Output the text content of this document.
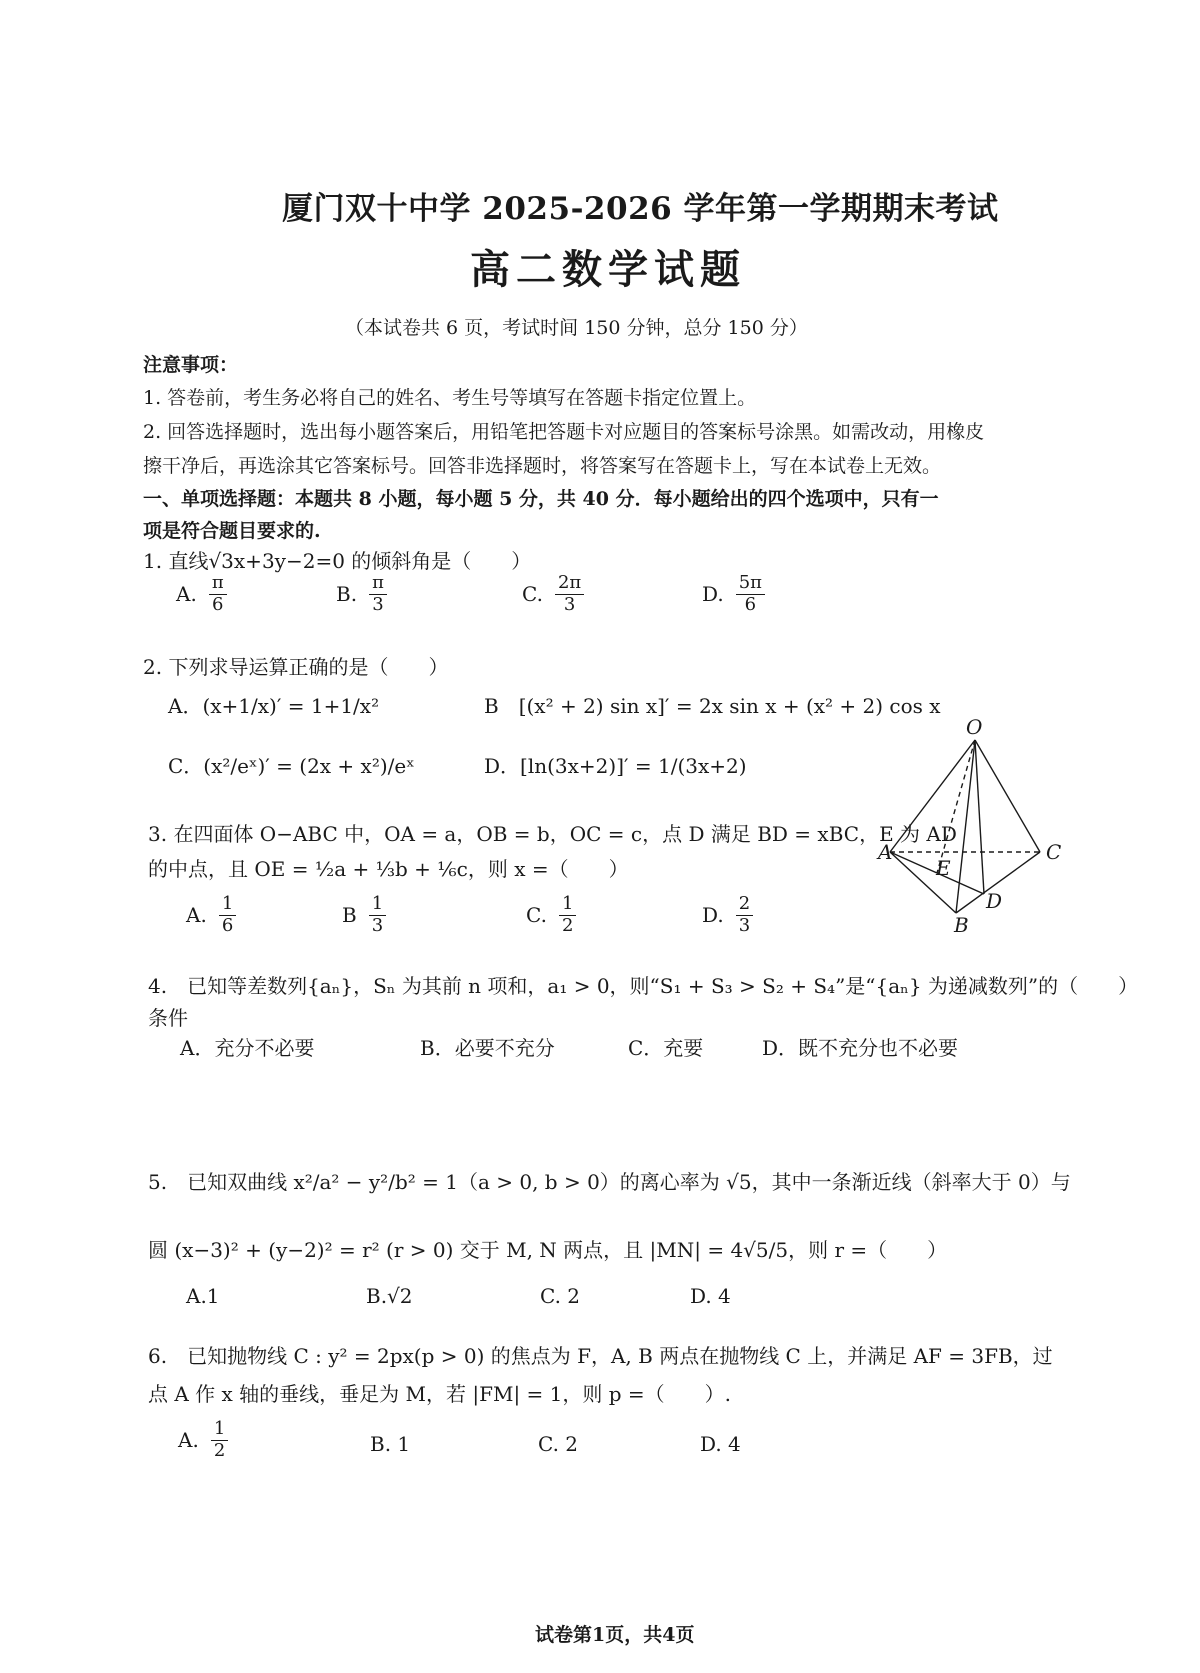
厦门双十中学 2025-2026 学年第一学期期末考试
高二数学试题
（本试卷共 6 页，考试时间 150 分钟，总分 150 分）
注意事项：
1. 答卷前，考生务必将自己的姓名、考生号等填写在答题卡指定位置上。
2. 回答选择题时，选出每小题答案后，用铅笔把答题卡对应题目的答案标号涂黑。如需改动，用橡皮
擦干净后，再选涂其它答案标号。回答非选择题时，将答案写在答题卡上，写在本试卷上无效。
一、单项选择题：本题共 8 小题，每小题 5 分，共 40 分．每小题给出的四个选项中，只有一
项是符合题目要求的.
1. 直线√3x+3y−2=0 的倾斜角是（　　）
A. $\frac{\pi}{6}$	B. $\frac{\pi}{3}$	C. $\frac{2\pi}{3}$	D. $\frac{5\pi}{6}$
2. 下列求导运算正确的是（　　）
A．(x+1/x)′ = 1+1/x²	B　[(x² + 2) sin x]′ = 2x sin x + (x² + 2) cos x
C．(x²/eˣ)′ = (2x + x²)/eˣ	D．[ln(3x+2)]′ = 1/(3x+2)
3. 在四面体 O−ABC 中，OA = a，OB = b，OC = c，点 D 满足 BD = xBC，E 为 AD
的中点，且 OE = ½a + ⅓b + ⅙c，则 x =（　　）
A. $\frac{1}{6}$	B $\frac{1}{3}$	C. $\frac{1}{2}$	D. $\frac{2}{3}$
O
A	C
B
D
E
4.　已知等差数列{aₙ}，Sₙ 为其前 n 项和，a₁ > 0，则“S₁ + S₃ > S₂ + S₄”是“{aₙ} 为递减数列”的（　　）
条件
A．充分不必要	B．必要不充分	C．充要	D．既不充分也不必要
5.　已知双曲线 x²/a² − y²/b² = 1（a > 0, b > 0）的离心率为 √5，其中一条渐近线（斜率大于 0）与
圆 (x−3)² + (y−2)² = r² (r > 0) 交于 M, N 两点，且 |MN| = 4√5/5，则 r =（　　）
A.1	B.√2	C. 2	D. 4
6.　已知抛物线 C : y² = 2px(p > 0) 的焦点为 F，A, B 两点在抛物线 C 上，并满足 AF = 3FB，过
点 A 作 x 轴的垂线，垂足为 M，若 |FM| = 1，则 p =（　　）.
A. $\frac{1}{2}$	B. 1	C. 2	D. 4
试卷第1页，共4页
